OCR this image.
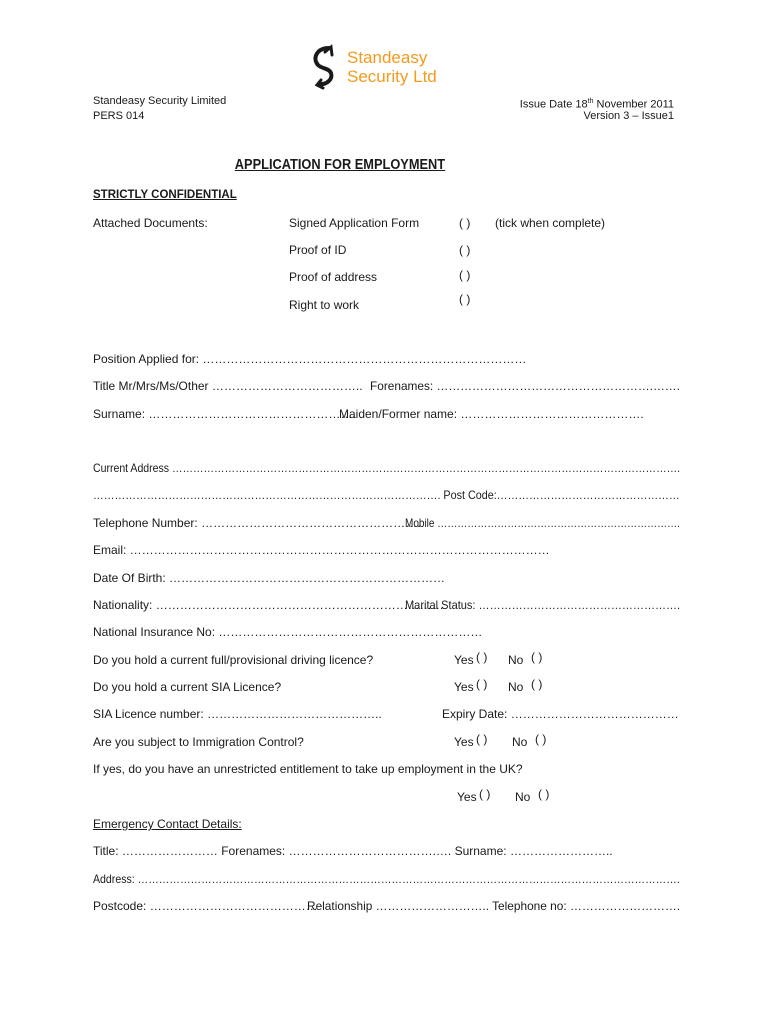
Standeasy
Security Ltd
Standeasy Security Limited
PERS 014
Issue Date 18th November 2011
Version 3 – Issue1
APPLICATION FOR EMPLOYMENT
STRICTLY CONFIDENTIAL
Attached Documents:	Signed Application Form	( ) (tick when complete)
Proof of ID	( )
Proof of address	( )
Right to work	( )
Position Applied for: ………………………………………………………………………
Title Mr/Mrs/Ms/Other ……………………………….. Forenames: ……………………………………………….…….
Surname: …………………………………………….
Maiden/Former name: ……………………………………….
Current Address ……………………………………………………………………………………………………………………………….
……………………………………………………………………………………. Post Code:……………………………………………
Telephone Number: ……………………………………………….
Mobile ……………………………………………………………….
Email: ……………………………………………………………………………………………
Date Of Birth: ……………………………………………………………
Nationality: ………………………………………………………………
Marital Status: ……………………………………………….
National Insurance No: …………………………………………………………
Do you hold a current full/provisional driving licence?	Yes ( ) No ( )
Do you hold a current SIA Licence?	Yes ( ) No ( )
SIA Licence number: ……………………………………..	Expiry Date: ……………………………………
Are you subject to Immigration Control?	Yes ( ) No ( )
If yes, do you have an unrestricted entitlement to take up employment in the UK?
Yes ( ) No ( )
Emergency Contact Details:
Title: …………………… Forenames: ……………………………….…. Surname: ……………………..
Address: ……………………………………………………………………………………………………………………………………….
Postcode: ……………………………………
Relationship ……………………….. Telephone no: ……………………….
